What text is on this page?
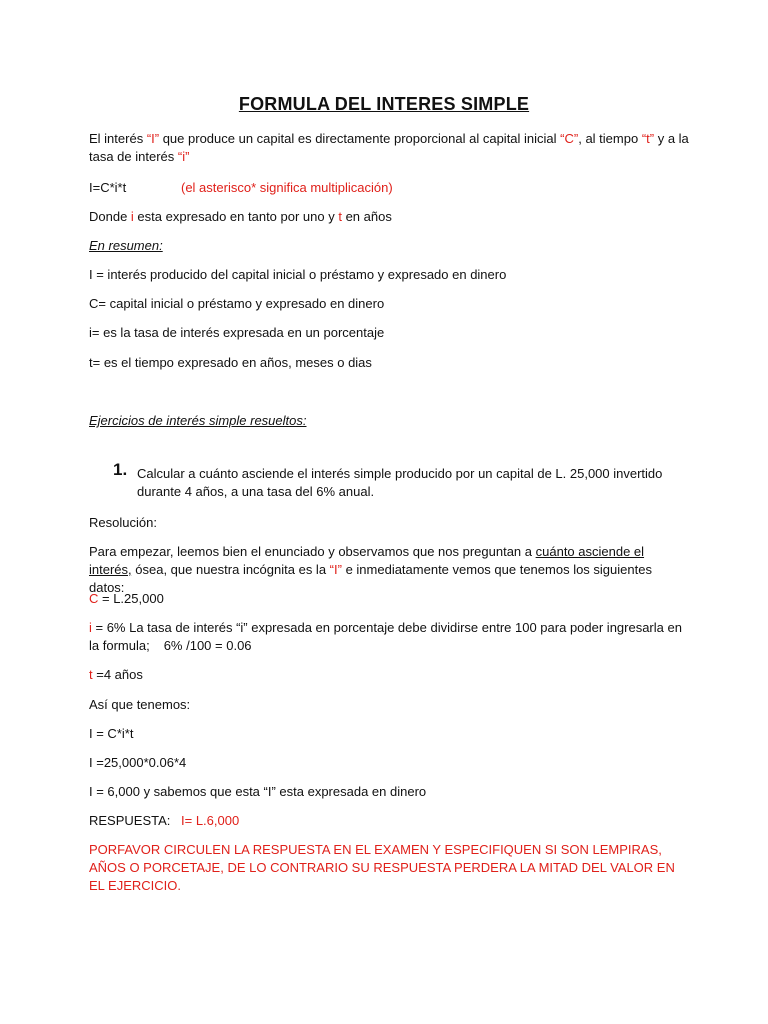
FORMULA DEL INTERES SIMPLE
El interés “I” que produce un capital es directamente proporcional al capital inicial “C”, al tiempo “t” y a la tasa de interés “i”
I=C*i*t	(el asterisco* significa multiplicación)
Donde i esta expresado en tanto por uno y t en años
En resumen:
I = interés producido del capital inicial o préstamo y expresado en dinero
C= capital inicial o préstamo y expresado en dinero
i= es la tasa de interés expresada en un porcentaje
t= es el tiempo expresado en años, meses o dias
Ejercicios de interés simple resueltos:
1. Calcular a cuánto asciende el interés simple producido por un capital de L. 25,000 invertido durante 4 años, a una tasa del 6% anual.
Resolución:
Para empezar, leemos bien el enunciado y observamos que nos preguntan a cuánto asciende el interés, ósea, que nuestra incógnita es la “I” e inmediatamente vemos que tenemos los siguientes datos:
C = L.25,000
i = 6% La tasa de interés “i” expresada en porcentaje debe dividirse entre 100 para poder ingresarla en la formula; 6% /100 = 0.06
t =4 años
Así que tenemos:
I = C*i*t
I =25,000*0.06*4
I = 6,000 y sabemos que esta “I” esta expresada en dinero
RESPUESTA: I= L.6,000
PORFAVOR CIRCULEN LA RESPUESTA EN EL EXAMEN Y ESPECIFIQUEN SI SON LEMPIRAS, AÑOS O PORCETAJE, DE LO CONTRARIO SU RESPUESTA PERDERA LA MITAD DEL VALOR EN EL EJERCICIO.
